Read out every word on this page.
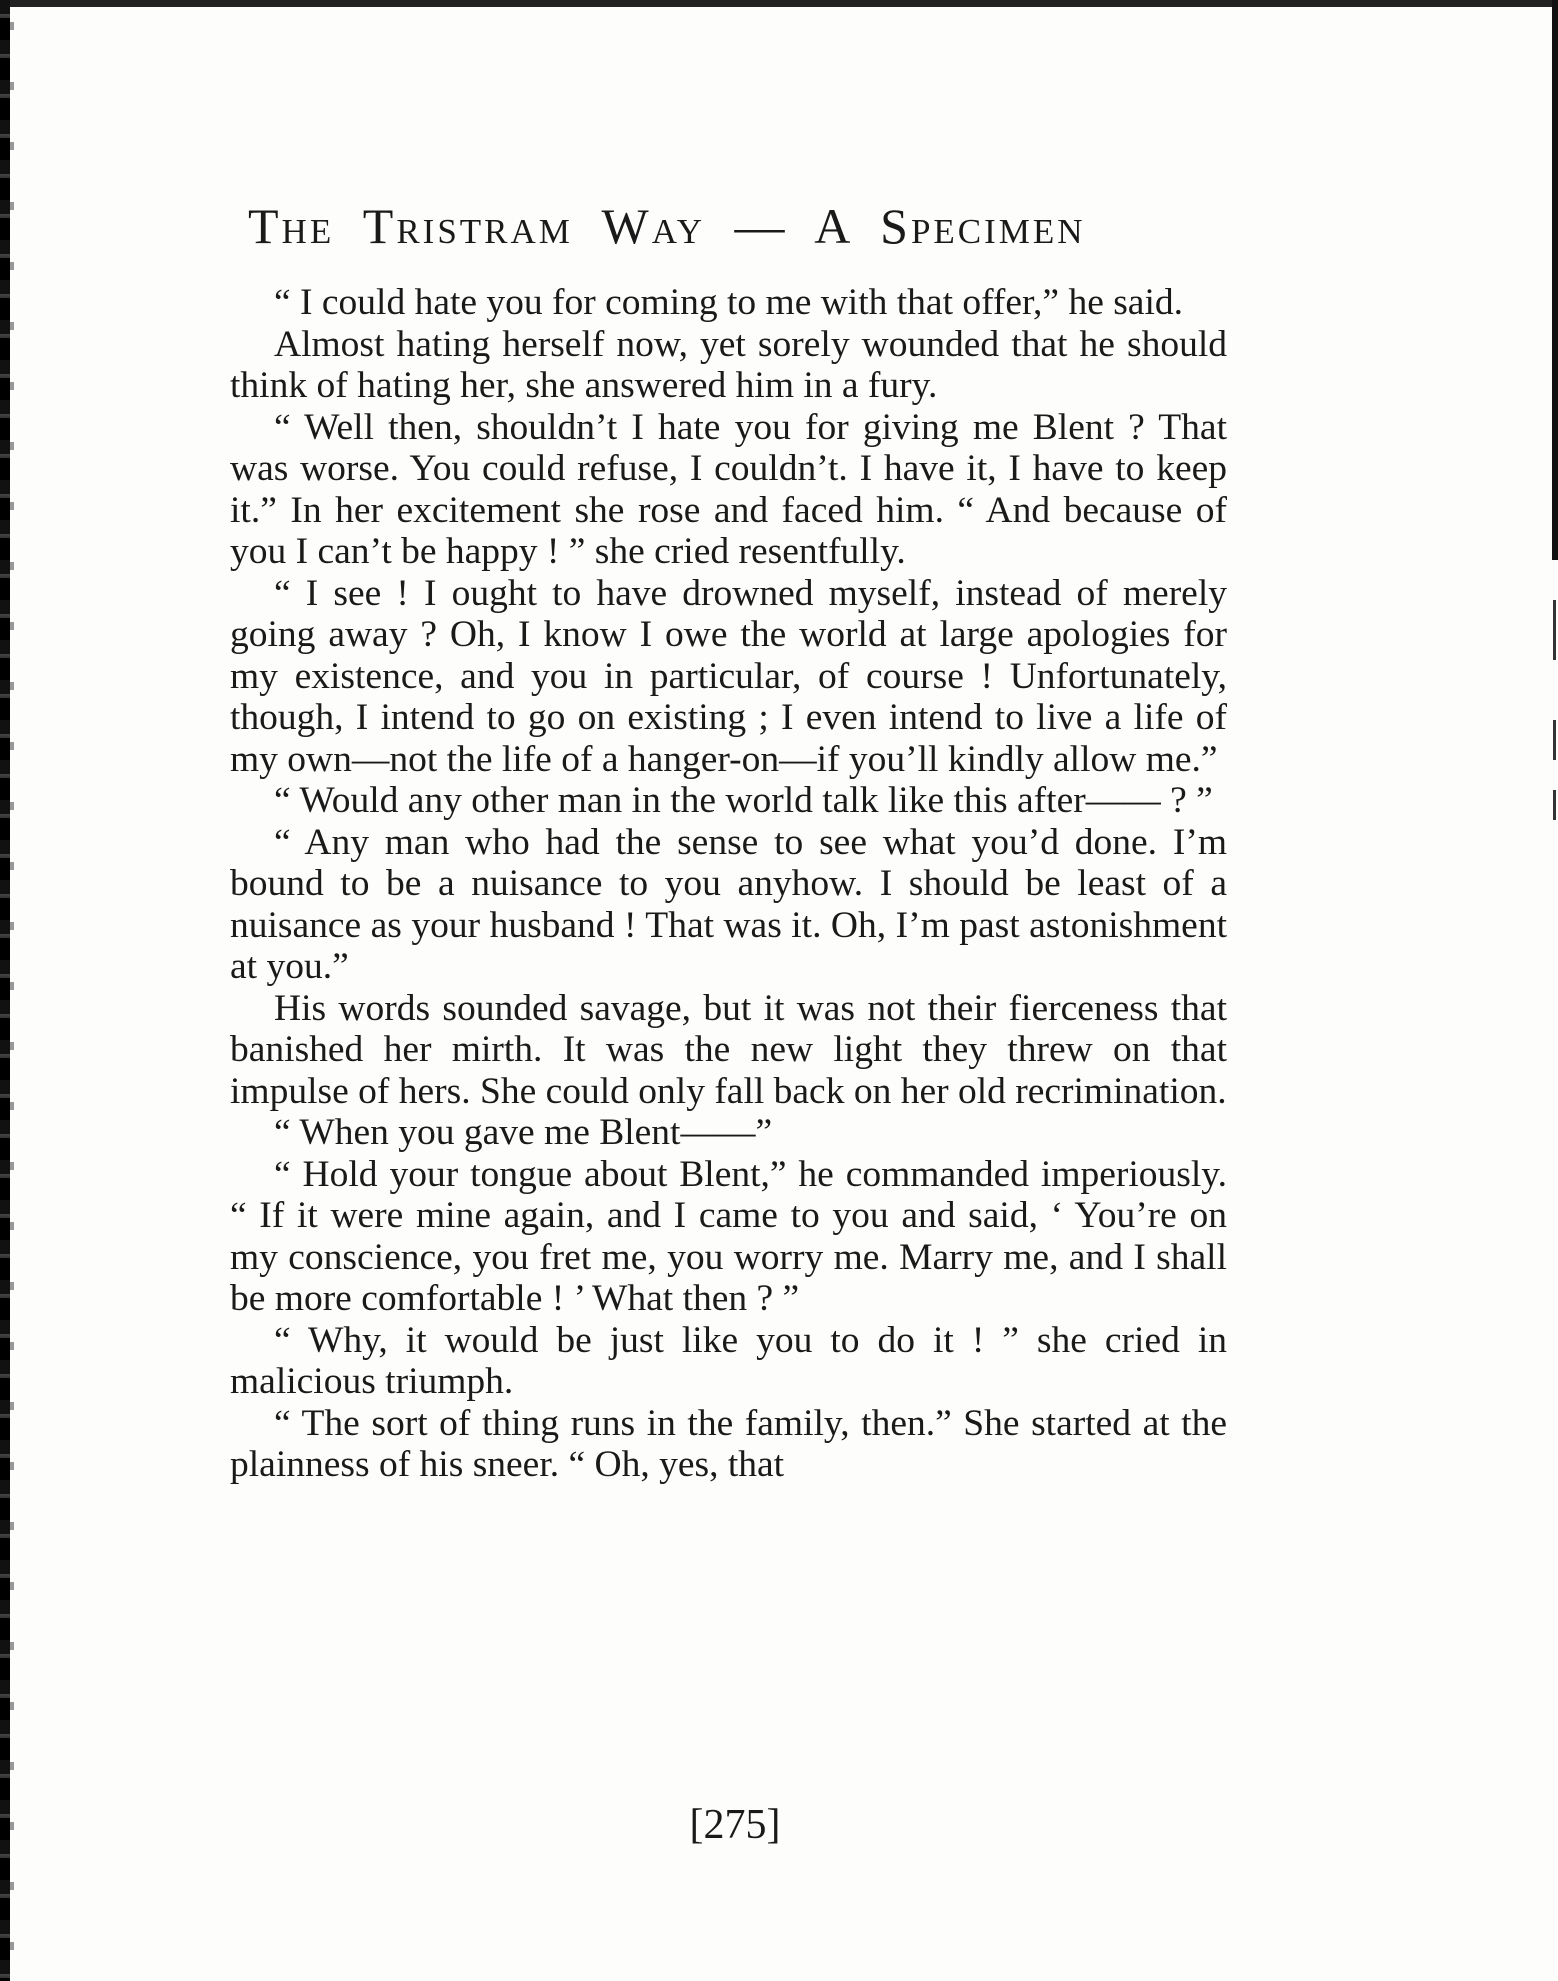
The Tristram Way — A Specimen

“ I could hate you for coming to me with that offer,” he said.

Almost hating herself now, yet sorely wounded that he should think of hating her, she answered him in a fury.

“ Well then, shouldn’t I hate you for giving me Blent ? That was worse. You could refuse, I couldn’t. I have it, I have to keep it.” In her excitement she rose and faced him. “ And because of you I can’t be happy ! ” she cried resentfully.

“ I see ! I ought to have drowned myself, instead of merely going away ? Oh, I know I owe the world at large apologies for my existence, and you in particular, of course ! Unfortunately, though, I intend to go on existing ; I even intend to live a life of my own—not the life of a hanger-on—if you’ll kindly allow me.”

“ Would any other man in the world talk like this after—— ? ”

“ Any man who had the sense to see what you’d done. I’m bound to be a nuisance to you anyhow. I should be least of a nuisance as your husband ! That was it. Oh, I’m past astonishment at you.”

His words sounded savage, but it was not their fierceness that banished her mirth. It was the new light they threw on that impulse of hers. She could only fall back on her old recrimination.

“ When you gave me Blent——”

“ Hold your tongue about Blent,” he commanded imperiously. “ If it were mine again, and I came to you and said, ‘ You’re on my conscience, you fret me, you worry me. Marry me, and I shall be more comfortable ! ’ What then ? ”

“ Why, it would be just like you to do it ! ” she cried in malicious triumph.

“ The sort of thing runs in the family, then.” She started at the plainness of his sneer. “ Oh, yes, that

[275]
